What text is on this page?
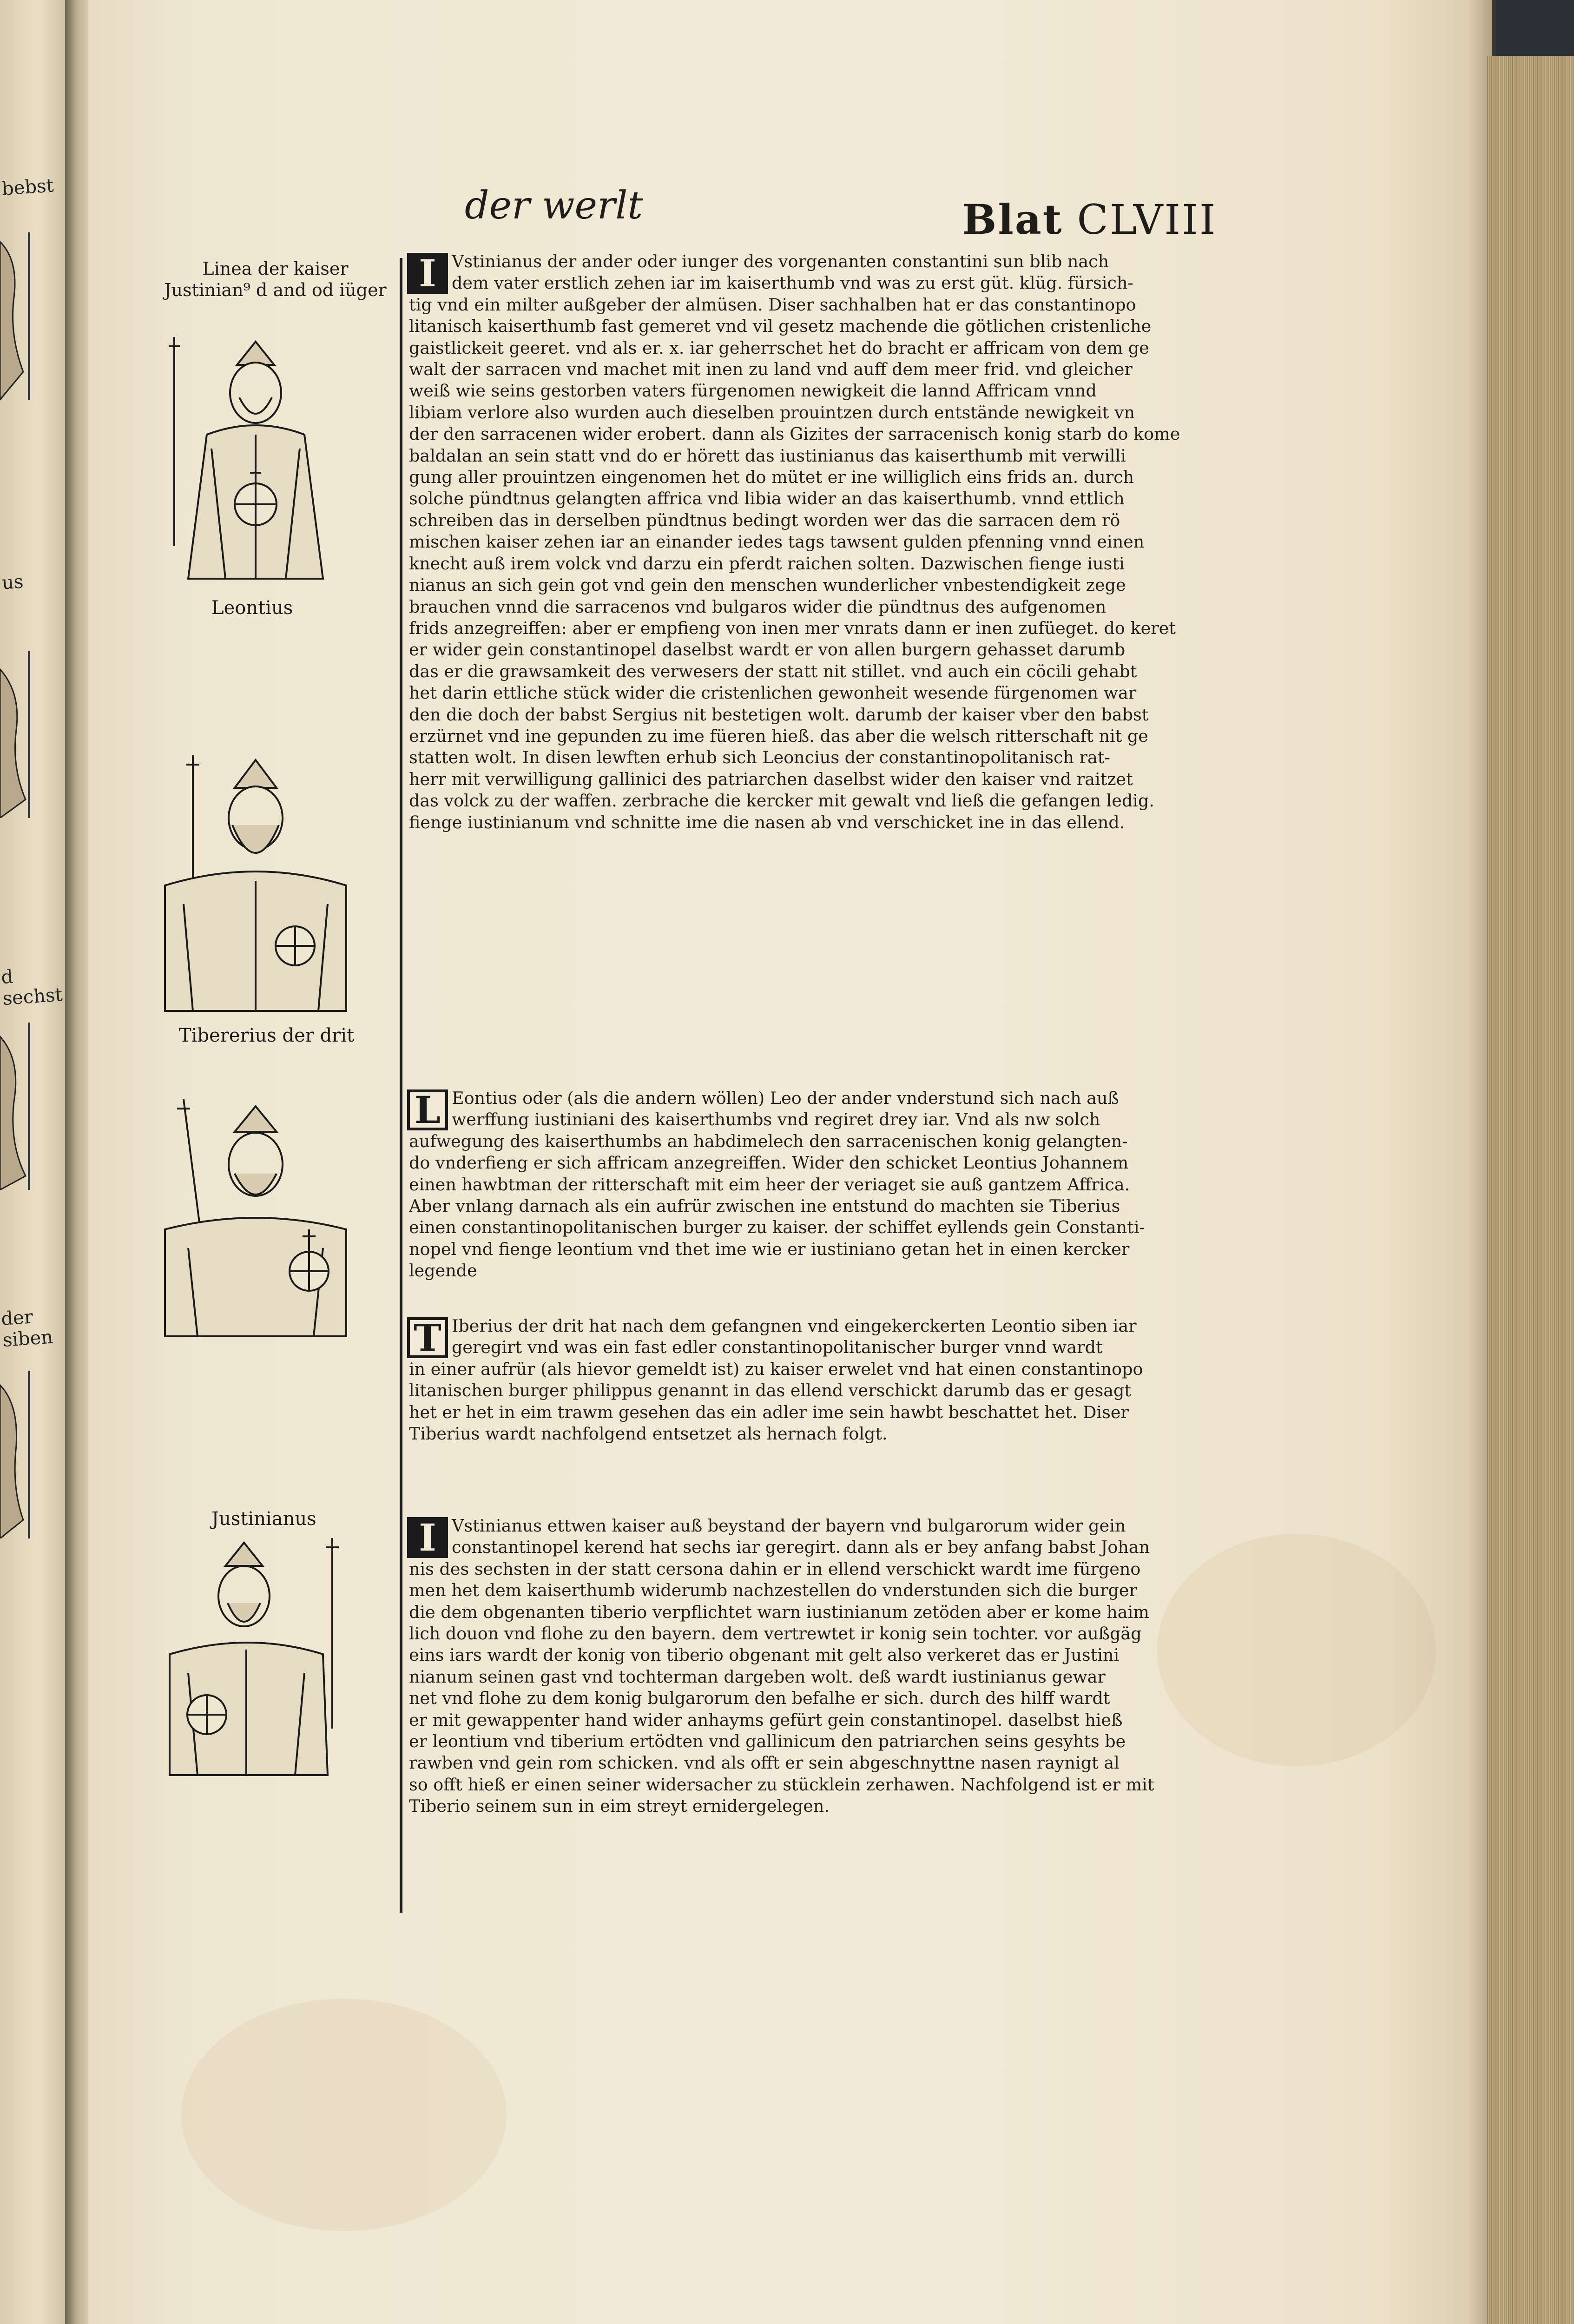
bebst
us
d sechst
der siben
der werlt	Blat CLVIII
Linea der kaiser
Justinian⁹ d and od iüger
Leontius
Tibererius der drit
Justinianus
I Vstinianus der ander oder iunger des vorgenanten constantini sun blib nach

dem vater erstlich zehen iar im kaiserthumb vnd was zu erst güt. klüg. fürsich-

tig vnd ein milter außgeber der almüsen. Diser sachhalben hat er das constantinopo

litanisch kaiserthumb fast gemeret vnd vil gesetz machende die götlichen cristenliche

gaistlickeit geeret. vnd als er. x. iar geherrschet het do bracht er affricam von dem ge

walt der sarracen vnd machet mit inen zu land vnd auff dem meer frid. vnd gleicher

weiß wie seins gestorben vaters fürgenomen newigkeit die lannd Affricam vnnd

libiam verlore also wurden auch dieselben prouintzen durch entstände newigkeit vn

der den sarracenen wider erobert. dann als Gizites der sarracenisch konig starb do kome

baldalan an sein statt vnd do er hörett das iustinianus das kaiserthumb mit verwilli

gung aller prouintzen eingenomen het do mütet er ine williglich eins frids an. durch

solche pündtnus gelangten affrica vnd libia wider an das kaiserthumb. vnnd ettlich

schreiben das in derselben pündtnus bedingt worden wer das die sarracen dem rö

mischen kaiser zehen iar an einander iedes tags tawsent gulden pfenning vnnd einen

knecht auß irem volck vnd darzu ein pferdt raichen solten. Dazwischen fienge iusti

nianus an sich gein got vnd gein den menschen wunderlicher vnbestendigkeit zege

brauchen vnnd die sarracenos vnd bulgaros wider die pündtnus des aufgenomen

frids anzegreiffen: aber er empfieng von inen mer vnrats dann er inen zufüeget. do keret

er wider gein constantinopel daselbst wardt er von allen burgern gehasset darumb

das er die grawsamkeit des verwesers der statt nit stillet. vnd auch ein cöcili gehabt

het darin ettliche stück wider die cristenlichen gewonheit wesende fürgenomen war

den die doch der babst Sergius nit bestetigen wolt. darumb der kaiser vber den babst

erzürnet vnd ine gepunden zu ime füeren hieß. das aber die welsch ritterschaft nit ge

statten wolt. In disen lewften erhub sich Leoncius der constantinopolitanisch rat-

herr mit verwilligung gallinici des patriarchen daselbst wider den kaiser vnd raitzet

das volck zu der waffen. zerbrache die kercker mit gewalt vnd ließ die gefangen ledig.

fienge iustinianum vnd schnitte ime die nasen ab vnd verschicket ine in das ellend.

L Eontius oder (als die andern wöllen) Leo der ander vnderstund sich nach auß

werffung iustiniani des kaiserthumbs vnd regiret drey iar. Vnd als nw solch

aufwegung des kaiserthumbs an habdimelech den sarracenischen konig gelangten-

do vnderfieng er sich affricam anzegreiffen. Wider den schicket Leontius Johannem

einen hawbtman der ritterschaft mit eim heer der veriaget sie auß gantzem Affrica.

Aber vnlang darnach als ein aufrür zwischen ine entstund do machten sie Tiberius

einen constantinopolitanischen burger zu kaiser. der schiffet eyllends gein Constanti-

nopel vnd fienge leontium vnd thet ime wie er iustiniano getan het in einen kercker

legende

T Iberius der drit hat nach dem gefangnen vnd eingekerckerten Leontio siben iar

geregirt vnd was ein fast edler constantinopolitanischer burger vnnd wardt

in einer aufrür (als hievor gemeldt ist) zu kaiser erwelet vnd hat einen constantinopo

litanischen burger philippus genannt in das ellend verschickt darumb das er gesagt

het er het in eim trawm gesehen das ein adler ime sein hawbt beschattet het. Diser

Tiberius wardt nachfolgend entsetzet als hernach folgt.

I Vstinianus ettwen kaiser auß beystand der bayern vnd bulgarorum wider gein

constantinopel kerend hat sechs iar geregirt. dann als er bey anfang babst Johan

nis des sechsten in der statt cersona dahin er in ellend verschickt wardt ime fürgeno

men het dem kaiserthumb widerumb nachzestellen do vnderstunden sich die burger

die dem obgenanten tiberio verpflichtet warn iustinianum zetöden aber er kome haim

lich douon vnd flohe zu den bayern. dem vertrewtet ir konig sein tochter. vor außgäg

eins iars wardt der konig von tiberio obgenant mit gelt also verkeret das er Justini

nianum seinen gast vnd tochterman dargeben wolt. deß wardt iustinianus gewar

net vnd flohe zu dem konig bulgarorum den befalhe er sich. durch des hilff wardt

er mit gewappenter hand wider anhayms gefürt gein constantinopel. daselbst hieß

er leontium vnd tiberium ertödten vnd gallinicum den patriarchen seins gesyhts be

rawben vnd gein rom schicken. vnd als offt er sein abgeschnyttne nasen raynigt al

so offt hieß er einen seiner widersacher zu stücklein zerhawen. Nachfolgend ist er mit

Tiberio seinem sun in eim streyt ernidergelegen.
